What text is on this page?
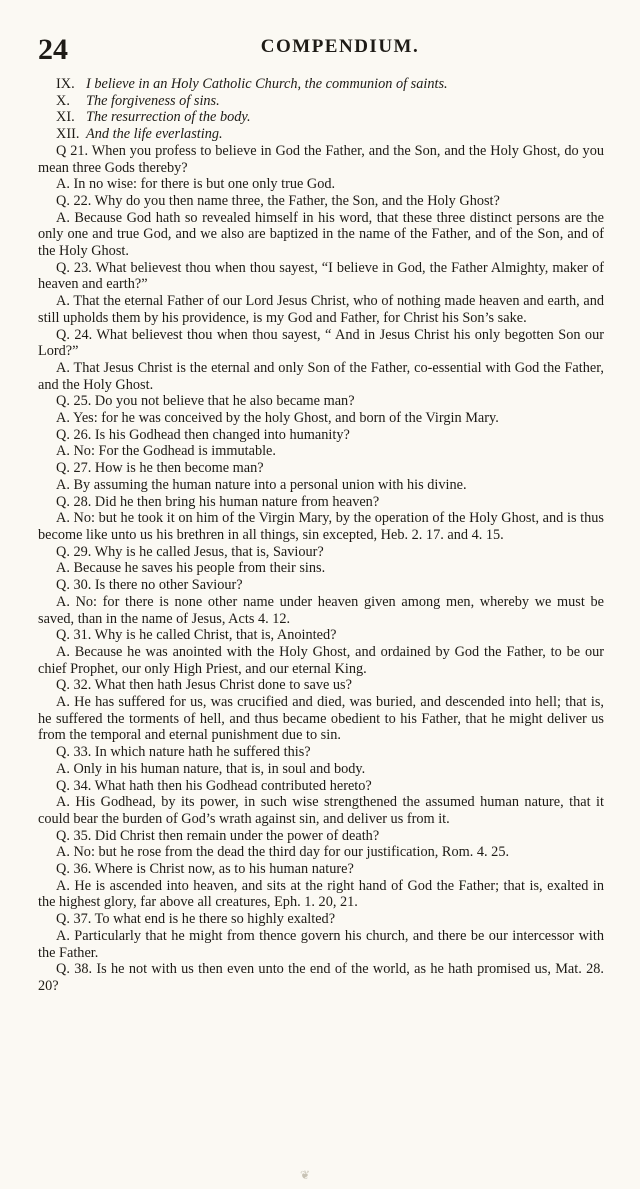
24	COMPENDIUM.

IX. I believe in an Holy Catholic Church, the communion of saints.

X. The forgiveness of sins.

XI. The resurrection of the body.

XII. And the life everlasting.

Q 21. When you profess to believe in God the Father, and the Son, and the Holy Ghost, do you mean three Gods thereby?

A. In no wise: for there is but one only true God.

Q. 22. Why do you then name three, the Father, the Son, and the Holy Ghost?

A. Because God hath so revealed himself in his word, that these three distinct persons are the only one and true God, and we also are baptized in the name of the Father, and of the Son, and of the Holy Ghost.

Q. 23. What believest thou when thou sayest, “I believe in God, the Father Almighty, maker of heaven and earth?”

A. That the eternal Father of our Lord Jesus Christ, who of nothing made heaven and earth, and still upholds them by his providence, is my God and Father, for Christ his Son’s sake.

Q. 24. What believest thou when thou sayest, “ And in Jesus Christ his only begotten Son our Lord?”

A. That Jesus Christ is the eternal and only Son of the Father, co-essential with God the Father, and the Holy Ghost.

Q. 25. Do you not believe that he also became man?

A. Yes: for he was conceived by the holy Ghost, and born of the Virgin Mary.

Q. 26. Is his Godhead then changed into humanity?

A. No: For the Godhead is immutable.

Q. 27. How is he then become man?

A. By assuming the human nature into a personal union with his divine.

Q. 28. Did he then bring his human nature from heaven?

A. No: but he took it on him of the Virgin Mary, by the operation of the Holy Ghost, and is thus become like unto us his brethren in all things, sin excepted, Heb. 2. 17. and 4. 15.

Q. 29. Why is he called Jesus, that is, Saviour?

A. Because he saves his people from their sins.

Q. 30. Is there no other Saviour?

A. No: for there is none other name under heaven given among men, whereby we must be saved, than in the name of Jesus, Acts 4. 12.

Q. 31. Why is he called Christ, that is, Anointed?

A. Because he was anointed with the Holy Ghost, and ordained by God the Father, to be our chief Prophet, our only High Priest, and our eternal King.

Q. 32. What then hath Jesus Christ done to save us?

A. He has suffered for us, was crucified and died, was buried, and descended into hell; that is, he suffered the torments of hell, and thus became obedient to his Father, that he might deliver us from the temporal and eternal punishment due to sin.

Q. 33. In which nature hath he suffered this?

A. Only in his human nature, that is, in soul and body.

Q. 34. What hath then his Godhead contributed hereto?

A. His Godhead, by its power, in such wise strengthened the assumed human nature, that it could bear the burden of God’s wrath against sin, and deliver us from it.

Q. 35. Did Christ then remain under the power of death?

A. No: but he rose from the dead the third day for our justification, Rom. 4. 25.

Q. 36. Where is Christ now, as to his human nature?

A. He is ascended into heaven, and sits at the right hand of God the Father; that is, exalted in the highest glory, far above all creatures, Eph. 1. 20, 21.

Q. 37. To what end is he there so highly exalted?

A. Particularly that he might from thence govern his church, and there be our intercessor with the Father.

Q. 38. Is he not with us then even unto the end of the world, as he hath promised us, Mat. 28. 20?

❦
